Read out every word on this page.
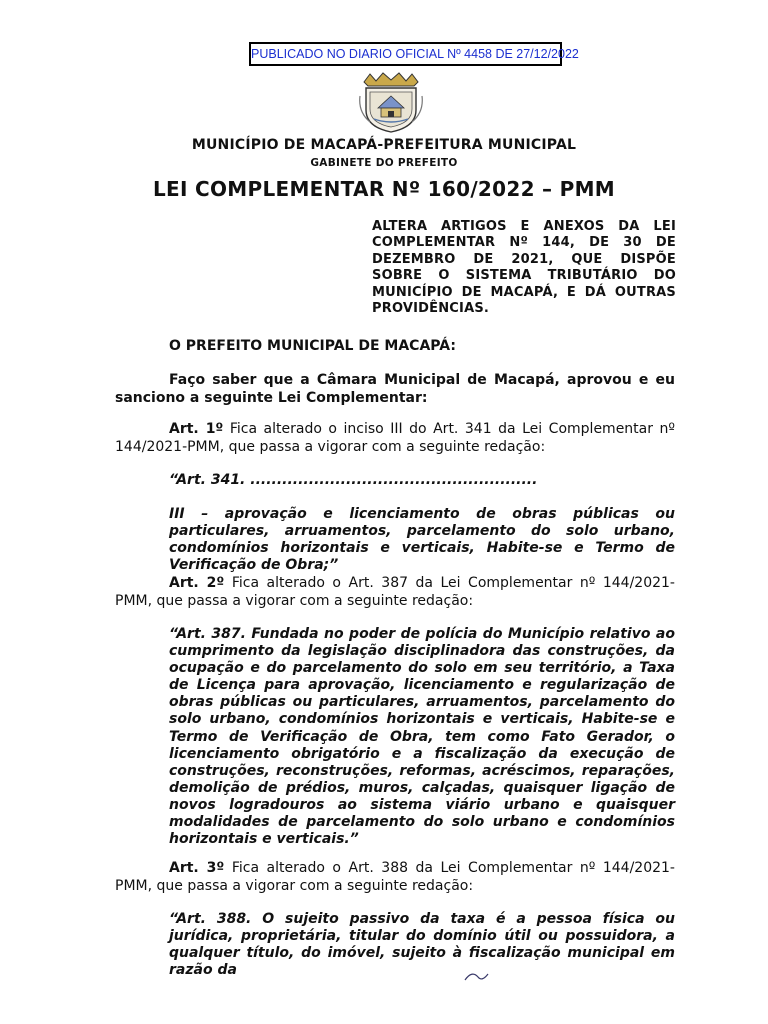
PUBLICADO NO DIARIO OFICIAL Nº 4458 DE 27/12/2022
MUNICÍPIO DE MACAPÁ-PREFEITURA MUNICIPAL
GABINETE DO PREFEITO
LEI COMPLEMENTAR Nº 160/2022 – PMM
ALTERA ARTIGOS E ANEXOS DA LEI COMPLEMENTAR Nº 144, DE 30 DE DEZEMBRO DE 2021, QUE DISPÕE SOBRE O SISTEMA TRIBUTÁRIO DO MUNICÍPIO DE MACAPÁ, E DÁ OUTRAS PROVIDÊNCIAS.
O PREFEITO MUNICIPAL DE MACAPÁ:
Faço saber que a Câmara Municipal de Macapá, aprovou e eu sanciono a seguinte Lei Complementar:
Art. 1º Fica alterado o inciso III do Art. 341 da Lei Complementar nº 144/2021-PMM, que passa a vigorar com a seguinte redação:
“Art. 341. ......................................................
III – aprovação e licenciamento de obras públicas ou particulares, arruamentos, parcelamento do solo urbano, condomínios horizontais e verticais, Habite-se e Termo de Verificação de Obra;”
Art. 2º Fica alterado o Art. 387 da Lei Complementar nº 144/2021-PMM, que passa a vigorar com a seguinte redação:
“Art. 387. Fundada no poder de polícia do Município relativo ao cumprimento da legislação disciplinadora das construções, da ocupação e do parcelamento do solo em seu território, a Taxa de Licença para aprovação, licenciamento e regularização de obras públicas ou particulares, arruamentos, parcelamento do solo urbano, condomínios horizontais e verticais, Habite-se e Termo de Verificação de Obra, tem como Fato Gerador, o licenciamento obrigatório e a fiscalização da execução de construções, reconstruções, reformas, acréscimos, reparações, demolição de prédios, muros, calçadas, quaisquer ligação de novos logradouros ao sistema viário urbano e quaisquer modalidades de parcelamento do solo urbano e condomínios horizontais e verticais.”
Art. 3º Fica alterado o Art. 388 da Lei Complementar nº 144/2021-PMM, que passa a vigorar com a seguinte redação:
“Art. 388. O sujeito passivo da taxa é a pessoa física ou jurídica, proprietária, titular do domínio útil ou possuidora, a qualquer título, do imóvel, sujeito à fiscalização municipal em razão da
